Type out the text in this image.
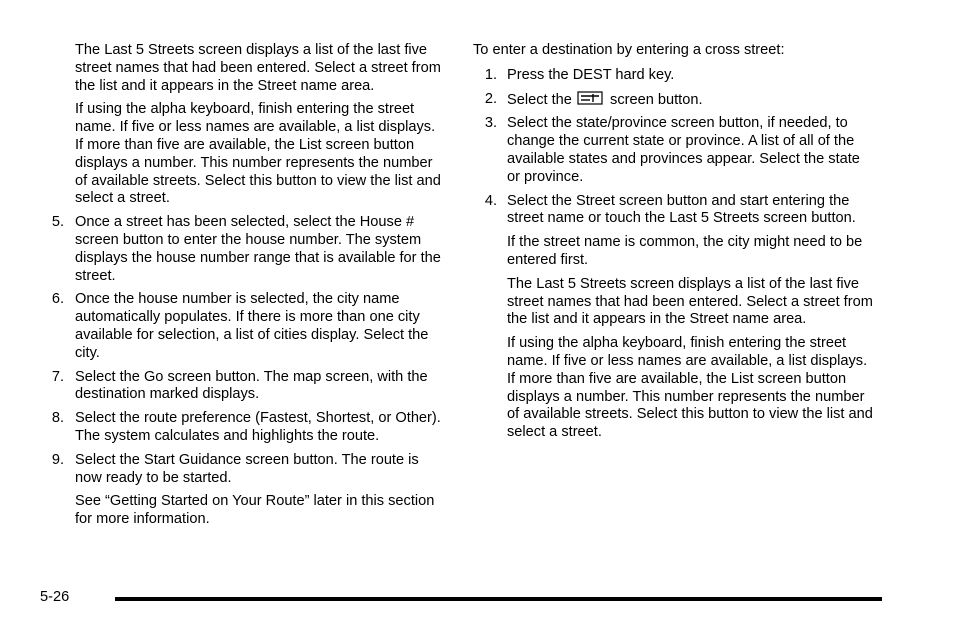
The Last 5 Streets screen displays a list of the last five street names that had been entered. Select a street from the list and it appears in the Street name area.

If using the alpha keyboard, finish entering the street name. If five or less names are available, a list displays. If more than five are available, the List screen button displays a number. This number represents the number of available streets. Select this button to view the list and select a street.

5. Once a street has been selected, select the House # screen button to enter the house number. The system displays the house number range that is available for the street.
6. Once the house number is selected, the city name automatically populates. If there is more than one city available for selection, a list of cities display. Select the city.
7. Select the Go screen button. The map screen, with the destination marked displays.
8. Select the route preference (Fastest, Shortest, or Other). The system calculates and highlights the route.
9. Select the Start Guidance screen button. The route is now ready to be started.

See “Getting Started on Your Route” later in this section for more information.

To enter a destination by entering a cross street:

1. Press the DEST hard key.
2. Select the	screen button.
3. Select the state/province screen button, if needed, to change the current state or province. A list of all of the available states and provinces appear. Select the state or province.
4. Select the Street screen button and start entering the street name or touch the Last 5 Streets screen button.

If the street name is common, the city might need to be entered first.

The Last 5 Streets screen displays a list of the last five street names that had been entered. Select a street from the list and it appears in the Street name area.

If using the alpha keyboard, finish entering the street name. If five or less names are available, a list displays. If more than five are available, the List screen button displays a number. This number represents the number of available streets. Select this button to view the list and select a street.

5-26
